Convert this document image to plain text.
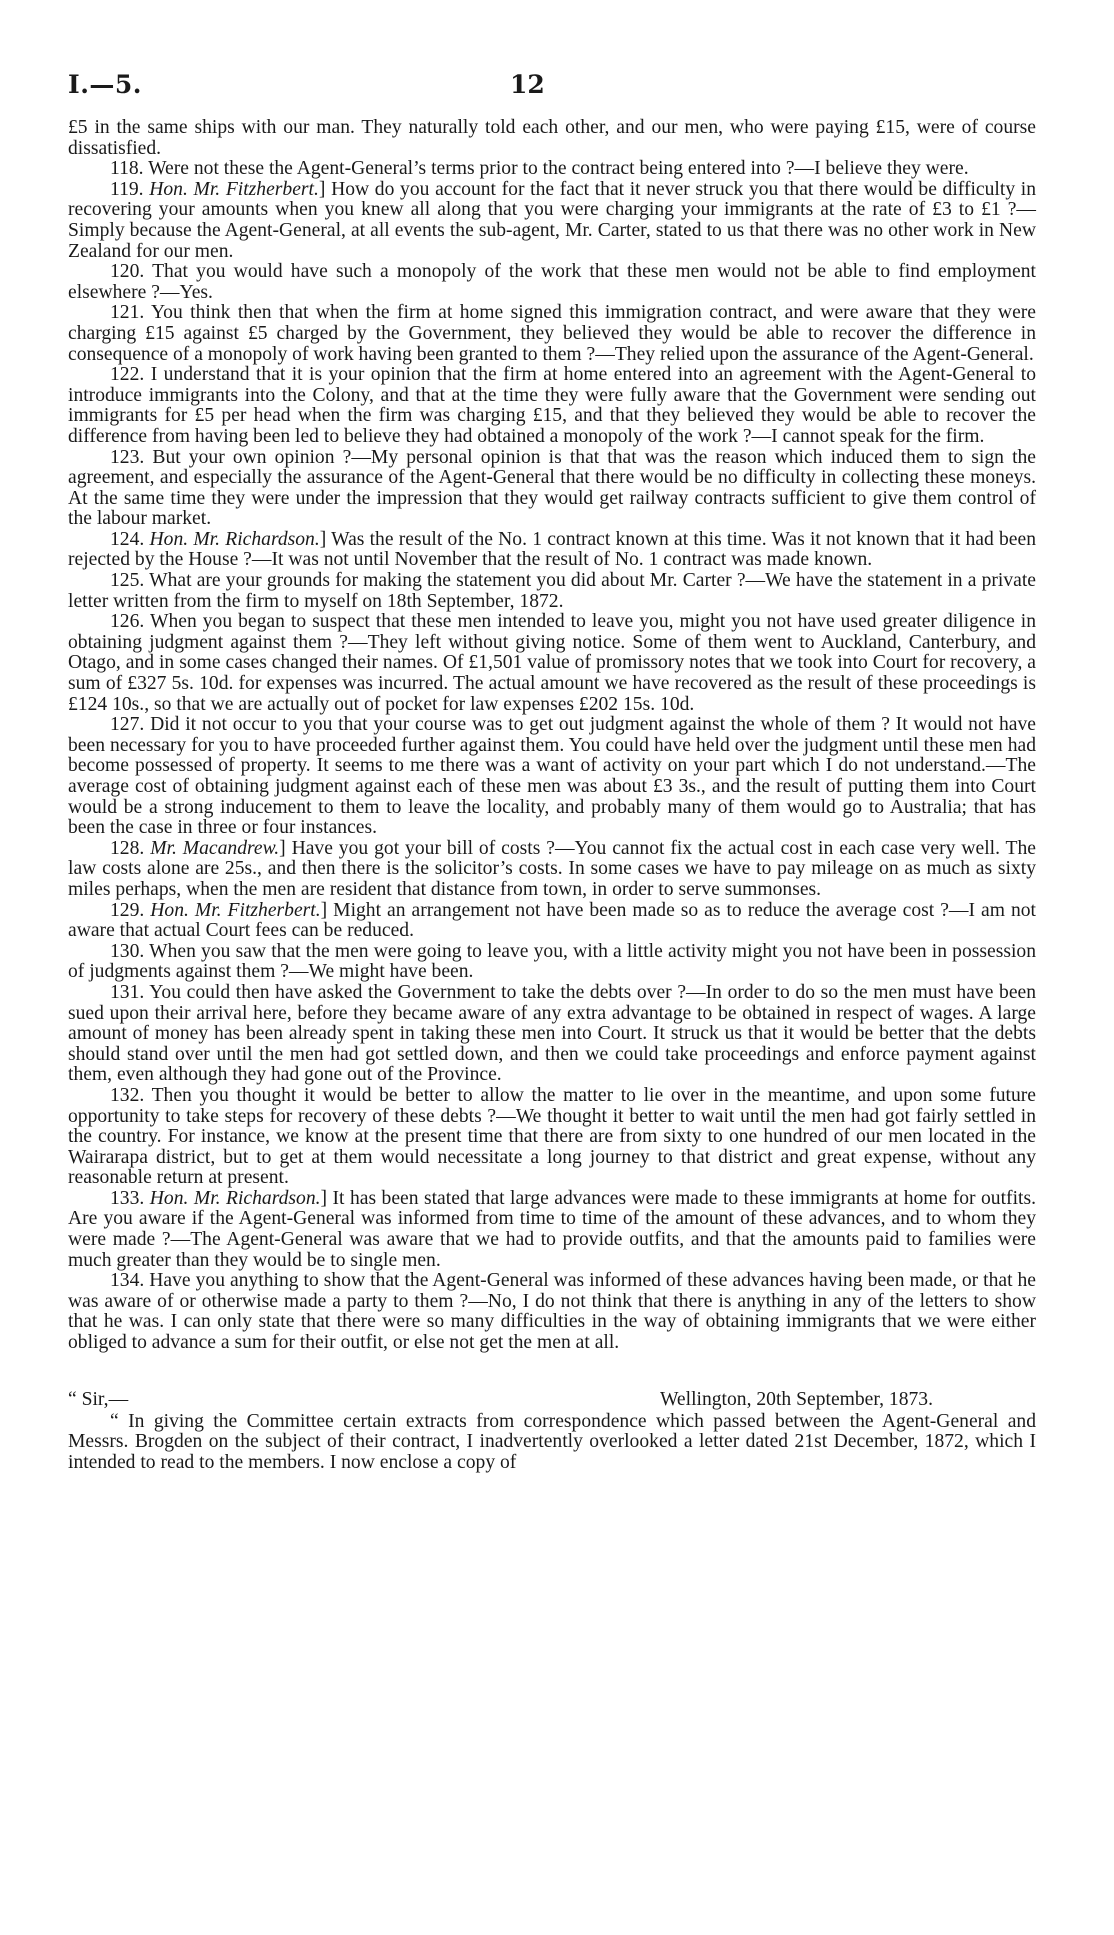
I.—5.	12

£5 in the same ships with our man. They naturally told each other, and our men, who were paying £15, were of course dissatisfied.

118. Were not these the Agent-General’s terms prior to the contract being entered into ?—I believe they were.

119. Hon. Mr. Fitzherbert.] How do you account for the fact that it never struck you that there would be difficulty in recovering your amounts when you knew all along that you were charging your immigrants at the rate of £3 to £1 ?—Simply because the Agent-General, at all events the sub-agent, Mr. Carter, stated to us that there was no other work in New Zealand for our men.

120. That you would have such a monopoly of the work that these men would not be able to find employment elsewhere ?—Yes.

121. You think then that when the firm at home signed this immigration contract, and were aware that they were charging £15 against £5 charged by the Government, they believed they would be able to recover the difference in consequence of a monopoly of work having been granted to them ?—They relied upon the assurance of the Agent-General.

122. I understand that it is your opinion that the firm at home entered into an agreement with the Agent-General to introduce immigrants into the Colony, and that at the time they were fully aware that the Government were sending out immigrants for £5 per head when the firm was charging £15, and that they believed they would be able to recover the difference from having been led to believe they had obtained a monopoly of the work ?—I cannot speak for the firm.

123. But your own opinion ?—My personal opinion is that that was the reason which induced them to sign the agreement, and especially the assurance of the Agent-General that there would be no difficulty in collecting these moneys. At the same time they were under the impression that they would get railway contracts sufficient to give them control of the labour market.

124. Hon. Mr. Richardson.] Was the result of the No. 1 contract known at this time. Was it not known that it had been rejected by the House ?—It was not until November that the result of No. 1 contract was made known.

125. What are your grounds for making the statement you did about Mr. Carter ?—We have the statement in a private letter written from the firm to myself on 18th September, 1872.

126. When you began to suspect that these men intended to leave you, might you not have used greater diligence in obtaining judgment against them ?—They left without giving notice. Some of them went to Auckland, Canterbury, and Otago, and in some cases changed their names. Of £1,501 value of promissory notes that we took into Court for recovery, a sum of £327 5s. 10d. for expenses was incurred. The actual amount we have recovered as the result of these proceedings is £124 10s., so that we are actually out of pocket for law expenses £202 15s. 10d.

127. Did it not occur to you that your course was to get out judgment against the whole of them ? It would not have been necessary for you to have proceeded further against them. You could have held over the judgment until these men had become possessed of property. It seems to me there was a want of activity on your part which I do not understand.—The average cost of obtaining judgment against each of these men was about £3 3s., and the result of putting them into Court would be a strong inducement to them to leave the locality, and probably many of them would go to Australia; that has been the case in three or four instances.

128. Mr. Macandrew.] Have you got your bill of costs ?—You cannot fix the actual cost in each case very well. The law costs alone are 25s., and then there is the solicitor’s costs. In some cases we have to pay mileage on as much as sixty miles perhaps, when the men are resident that distance from town, in order to serve summonses.

129. Hon. Mr. Fitzherbert.] Might an arrangement not have been made so as to reduce the average cost ?—I am not aware that actual Court fees can be reduced.

130. When you saw that the men were going to leave you, with a little activity might you not have been in possession of judgments against them ?—We might have been.

131. You could then have asked the Government to take the debts over ?—In order to do so the men must have been sued upon their arrival here, before they became aware of any extra advantage to be obtained in respect of wages. A large amount of money has been already spent in taking these men into Court. It struck us that it would be better that the debts should stand over until the men had got settled down, and then we could take proceedings and enforce payment against them, even although they had gone out of the Province.

132. Then you thought it would be better to allow the matter to lie over in the meantime, and upon some future opportunity to take steps for recovery of these debts ?—We thought it better to wait until the men had got fairly settled in the country. For instance, we know at the present time that there are from sixty to one hundred of our men located in the Wairarapa district, but to get at them would necessitate a long journey to that district and great expense, without any reasonable return at present.

133. Hon. Mr. Richardson.] It has been stated that large advances were made to these immigrants at home for outfits. Are you aware if the Agent-General was informed from time to time of the amount of these advances, and to whom they were made ?—The Agent-General was aware that we had to provide outfits, and that the amounts paid to families were much greater than they would be to single men.

134. Have you anything to show that the Agent-General was informed of these advances having been made, or that he was aware of or otherwise made a party to them ?—No, I do not think that there is anything in any of the letters to show that he was. I can only state that there were so many difficulties in the way of obtaining immigrants that we were either obliged to advance a sum for their outfit, or else not get the men at all.

“ Sir,—	Wellington, 20th September, 1873.

“ In giving the Committee certain extracts from correspondence which passed between the Agent-General and Messrs. Brogden on the subject of their contract, I inadvertently overlooked a letter dated 21st December, 1872, which I intended to read to the members. I now enclose a copy of
